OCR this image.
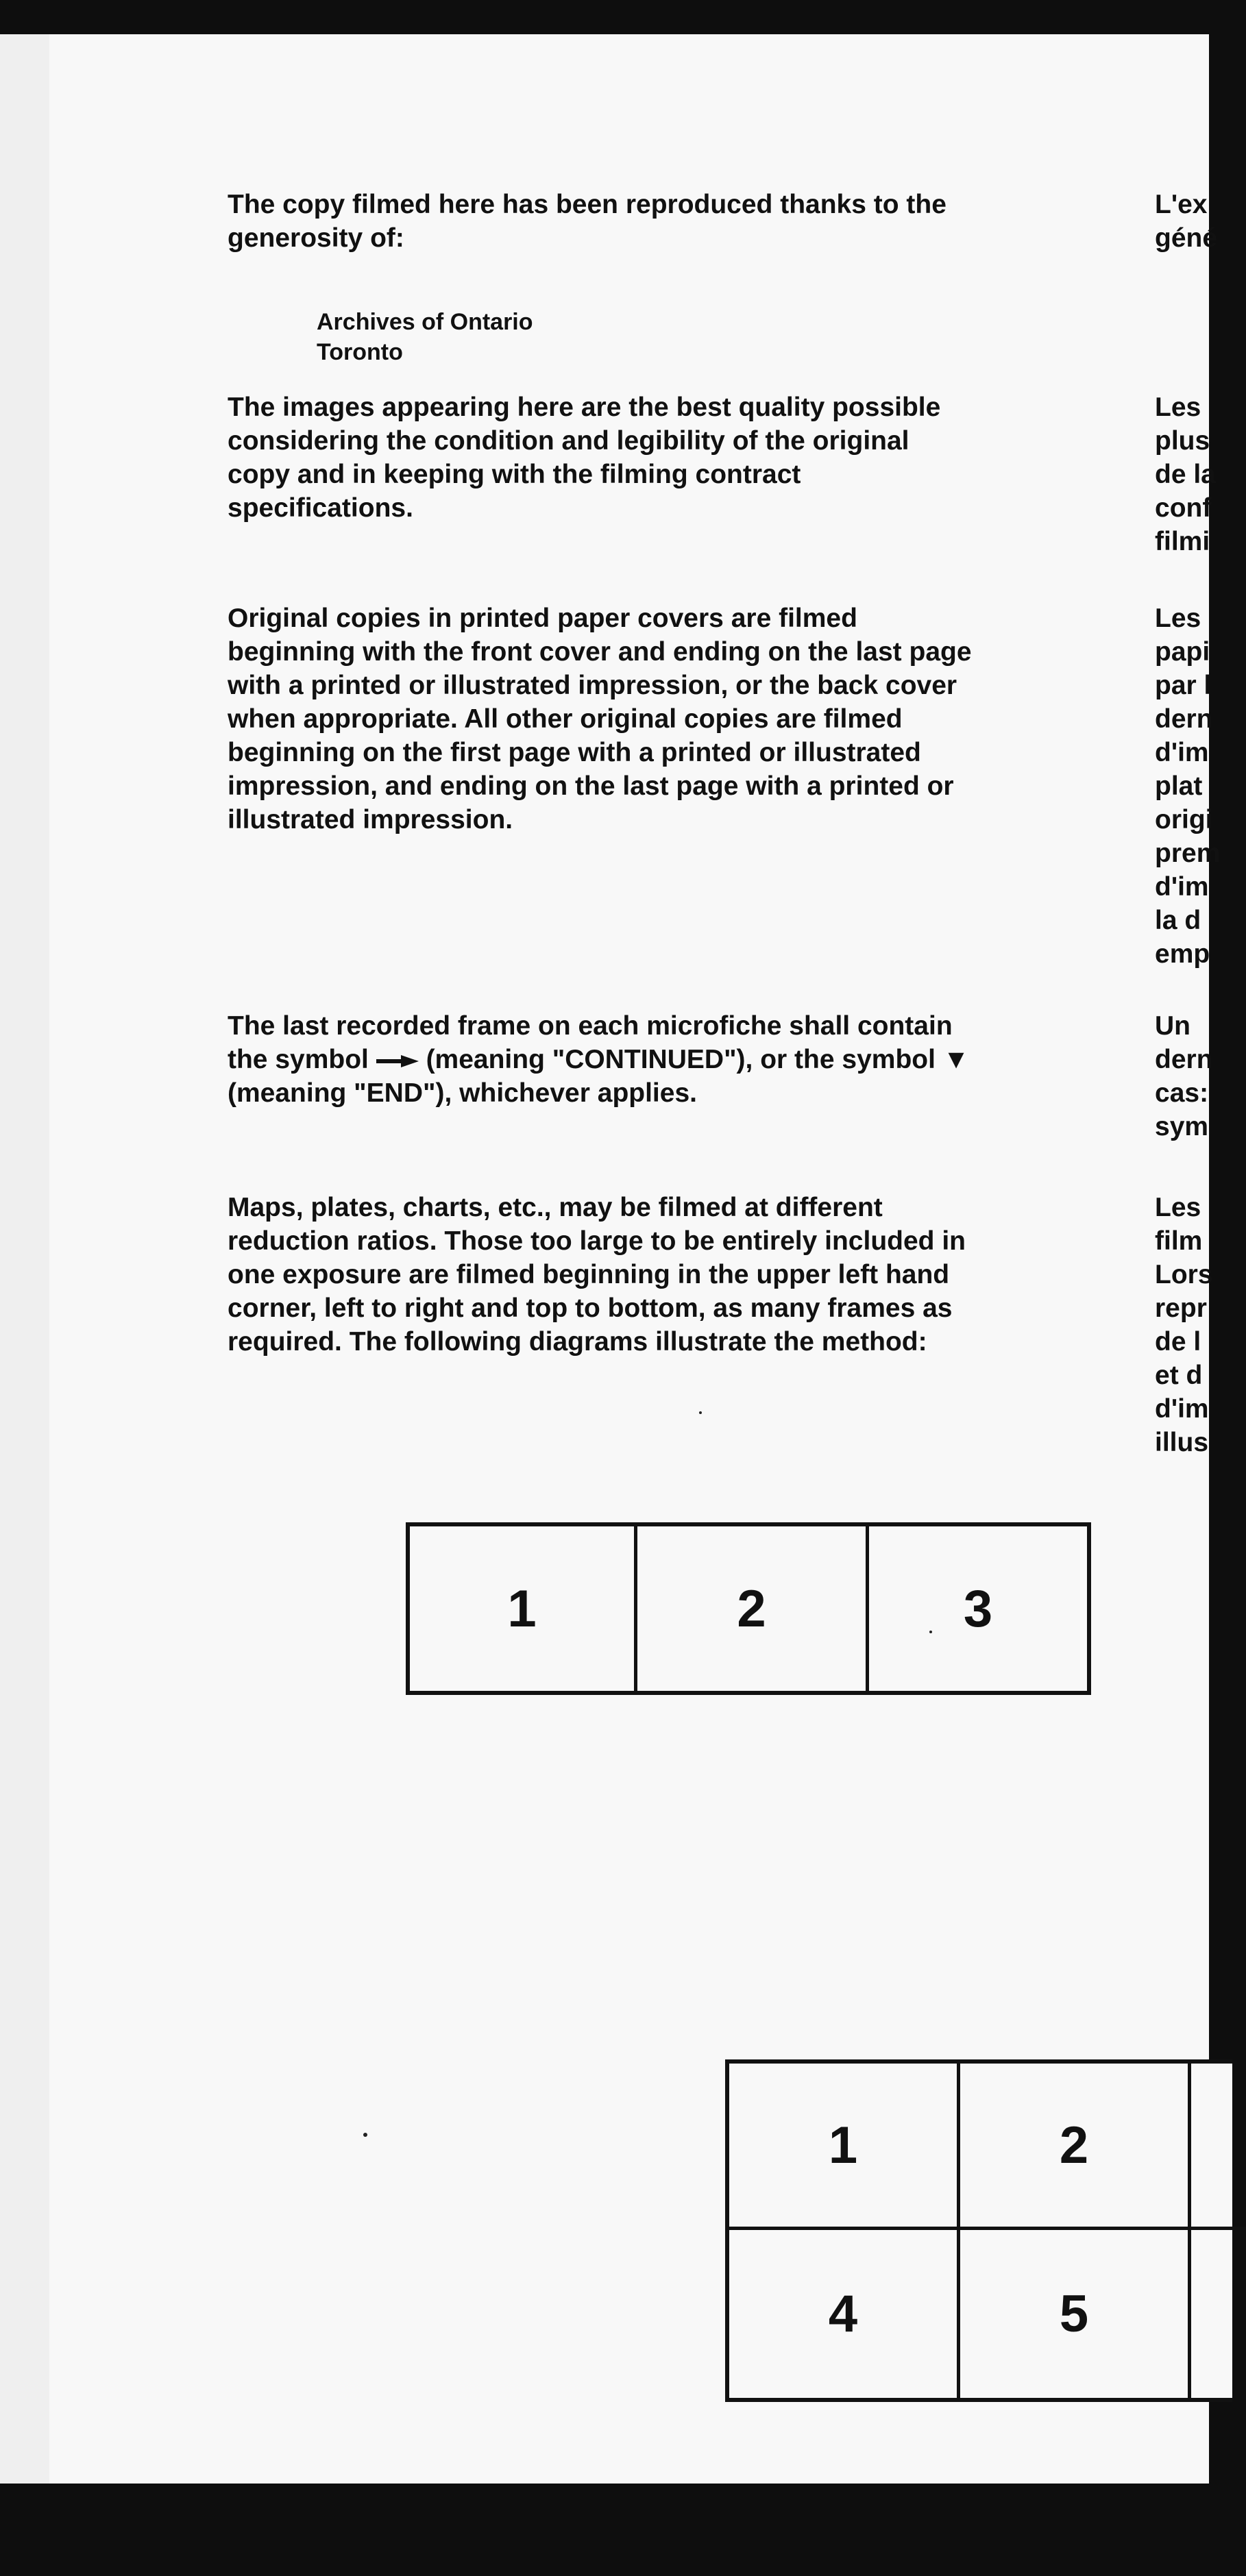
The copy filmed here has been reproduced thanks to the generosity of:

Archives of Ontario
Toronto

The images appearing here are the best quality possible considering the condition and legibility of the original copy and in keeping with the filming contract specifications.

Original copies in printed paper covers are filmed beginning with the front cover and ending on the last page with a printed or illustrated impression, or the back cover when appropriate. All other original copies are filmed beginning on the first page with a printed or illustrated impression, and ending on the last page with a printed or illustrated impression.

The last recorded frame on each microfiche shall contain the symbol (meaning "CONTINUED"), or the symbol ▼ (meaning "END"), whichever applies.

Maps, plates, charts, etc., may be filmed at different reduction ratios. Those too large to be entirely included in one exposure are filmed beginning in the upper left hand corner, left to right and top to bottom, as many frames as required. The following diagrams illustrate the method:

L'ex
géné
Les
plus
de la
conf
filmi
Les
papi
par l
dern
d'im
plat
origi
prem
d'im
la d
emp
Un
dern
cas:
sym
Les
film
Lors
repr
de l
et d
d'im
illus
1	2	3
1	2
4	5
